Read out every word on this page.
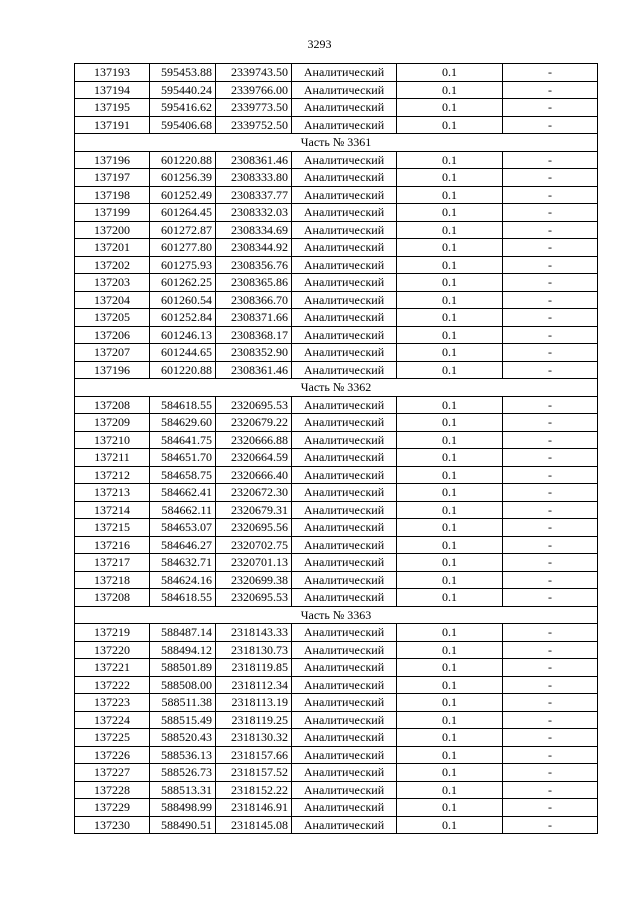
3293
137193	595453.88	2339743.50	Аналитический	0.1	-
137194	595440.24	2339766.00	Аналитический	0.1	-
137195	595416.62	2339773.50	Аналитический	0.1	-
137191	595406.68	2339752.50	Аналитический	0.1	-
Часть № 3361					
137196	601220.88	2308361.46	Аналитический	0.1	-
137197	601256.39	2308333.80	Аналитический	0.1	-
137198	601252.49	2308337.77	Аналитический	0.1	-
137199	601264.45	2308332.03	Аналитический	0.1	-
137200	601272.87	2308334.69	Аналитический	0.1	-
137201	601277.80	2308344.92	Аналитический	0.1	-
137202	601275.93	2308356.76	Аналитический	0.1	-
137203	601262.25	2308365.86	Аналитический	0.1	-
137204	601260.54	2308366.70	Аналитический	0.1	-
137205	601252.84	2308371.66	Аналитический	0.1	-
137206	601246.13	2308368.17	Аналитический	0.1	-
137207	601244.65	2308352.90	Аналитический	0.1	-
137196	601220.88	2308361.46	Аналитический	0.1	-
Часть № 3362					
137208	584618.55	2320695.53	Аналитический	0.1	-
137209	584629.60	2320679.22	Аналитический	0.1	-
137210	584641.75	2320666.88	Аналитический	0.1	-
137211	584651.70	2320664.59	Аналитический	0.1	-
137212	584658.75	2320666.40	Аналитический	0.1	-
137213	584662.41	2320672.30	Аналитический	0.1	-
137214	584662.11	2320679.31	Аналитический	0.1	-
137215	584653.07	2320695.56	Аналитический	0.1	-
137216	584646.27	2320702.75	Аналитический	0.1	-
137217	584632.71	2320701.13	Аналитический	0.1	-
137218	584624.16	2320699.38	Аналитический	0.1	-
137208	584618.55	2320695.53	Аналитический	0.1	-
Часть № 3363					
137219	588487.14	2318143.33	Аналитический	0.1	-
137220	588494.12	2318130.73	Аналитический	0.1	-
137221	588501.89	2318119.85	Аналитический	0.1	-
137222	588508.00	2318112.34	Аналитический	0.1	-
137223	588511.38	2318113.19	Аналитический	0.1	-
137224	588515.49	2318119.25	Аналитический	0.1	-
137225	588520.43	2318130.32	Аналитический	0.1	-
137226	588536.13	2318157.66	Аналитический	0.1	-
137227	588526.73	2318157.52	Аналитический	0.1	-
137228	588513.31	2318152.22	Аналитический	0.1	-
137229	588498.99	2318146.91	Аналитический	0.1	-
137230	588490.51	2318145.08	Аналитический	0.1	-
